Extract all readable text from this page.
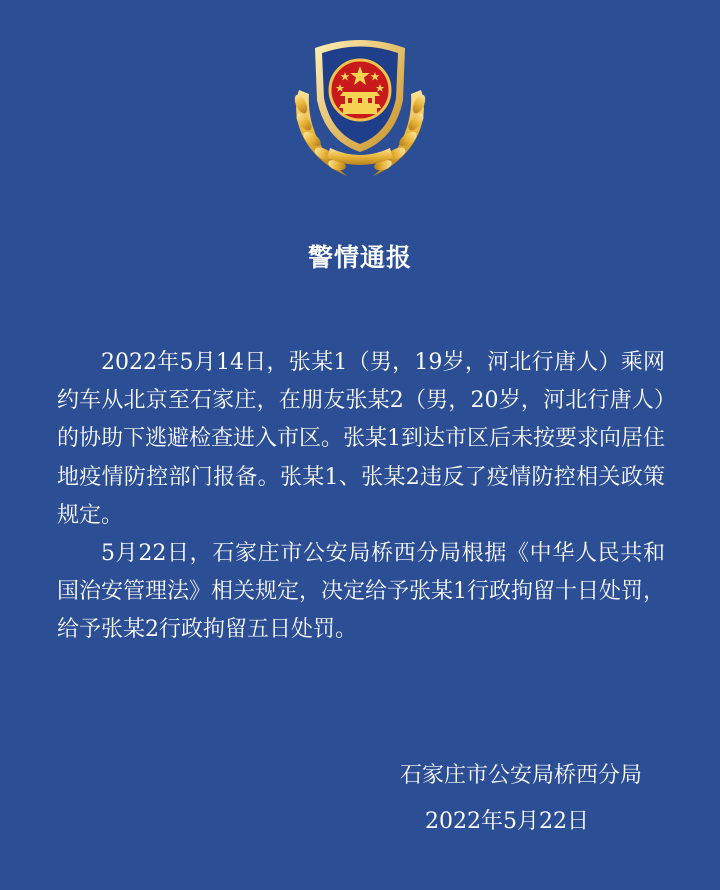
警情通报

2022年5月14日，张某1（男，19岁，河北行唐人）乘网约车从北京至石家庄，在朋友张某2（男，20岁，河北行唐人）的协助下逃避检查进入市区。张某1到达市区后未按要求向居住地疫情防控部门报备。张某1、张某2违反了疫情防控相关政策规定。

5月22日，石家庄市公安局桥西分局根据《中华人民共和国治安管理法》相关规定，决定给予张某1行政拘留十日处罚，给予张某2行政拘留五日处罚。

石家庄市公安局桥西分局
2022年5月22日
